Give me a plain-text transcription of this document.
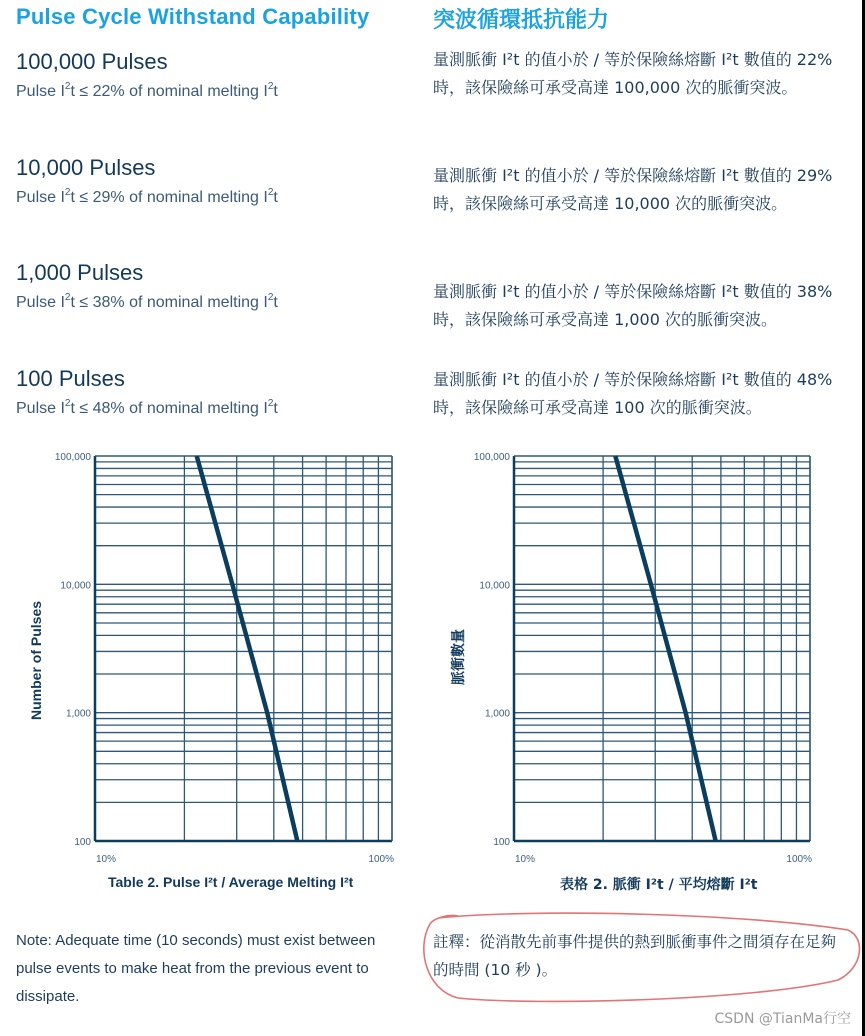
Pulse Cycle Withstand Capability	突波循環抵抗能力
100,000 Pulses
Pulse $I^2t \le 22\%$ of nominal melting $I^2t$
10,000 Pulses
Pulse $I^2t \le 29\%$ of nominal melting $I^2t$
1,000 Pulses
Pulse $I^2t \le 38\%$ of nominal melting $I^2t$
100 Pulses
Pulse $I^2t \le 48\%$ of nominal melting $I^2t$
量測脈衝 I²t 的值小於 / 等於保險絲熔斷 I²t 數值的 22% 時，該保險絲可承受高達 100,000 次的脈衝突波。
量測脈衝 I²t 的值小於 / 等於保險絲熔斷 I²t 數值的 29% 時，該保險絲可承受高達 10,000 次的脈衝突波。
量測脈衝 I²t 的值小於 / 等於保險絲熔斷 I²t 數值的 38% 時，該保險絲可承受高達 1,000 次的脈衝突波。
量測脈衝 I²t 的值小於 / 等於保險絲熔斷 I²t 數值的 48% 時，該保險絲可承受高達 100 次的脈衝突波。
100,000
10,000
1,000
100
10%	100%
Number of Pulses
Table 2. Pulse I²t / Average Melting I²t
100,000
10,000
1,000
100
10%	100%
脈衝數量
表格 2. 脈衝 I²t / 平均熔斷 I²t
Note: Adequate time (10 seconds) must exist between pulse events to make heat from the previous event to dissipate.
註釋：從消散先前事件提供的熱到脈衝事件之間須存在足夠的時間 (10 秒 )。
CSDN @TianMa行空
